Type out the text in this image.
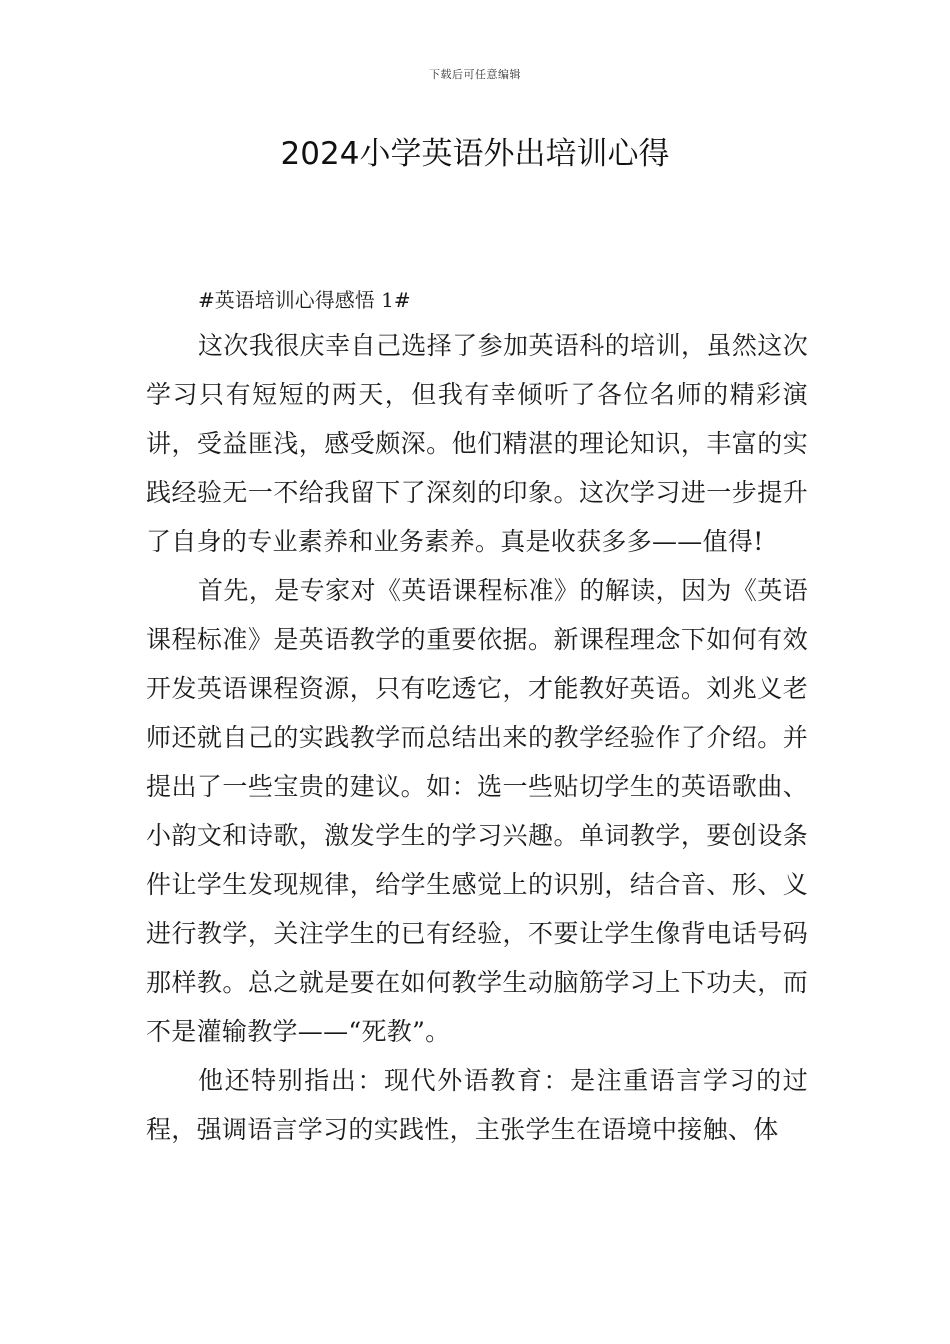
下载后可任意编辑
2024小学英语外出培训心得

#英语培训心得感悟 1#

这次我很庆幸自己选择了参加英语科的培训，虽然这次学习只有短短的两天，但我有幸倾听了各位名师的精彩演讲，受益匪浅，感受颇深。他们精湛的理论知识，丰富的实践经验无一不给我留下了深刻的印象。这次学习进一步提升了自身的专业素养和业务素养。真是收获多多——值得!

首先，是专家对《英语课程标准》的解读，因为《英语课程标准》是英语教学的重要依据。新课程理念下如何有效开发英语课程资源，只有吃透它，才能教好英语。刘兆义老师还就自己的实践教学而总结出来的教学经验作了介绍。并提出了一些宝贵的建议。如：选一些贴切学生的英语歌曲、小韵文和诗歌，激发学生的学习兴趣。单词教学，要创设条件让学生发现规律，给学生感觉上的识别，结合音、形、义进行教学，关注学生的已有经验，不要让学生像背电话号码那样教。总之就是要在如何教学生动脑筋学习上下功夫，而不是灌输教学——“死教”。

他还特别指出：现代外语教育：是注重语言学习的过程，强调语言学习的实践性，主张学生在语境中接触、体
